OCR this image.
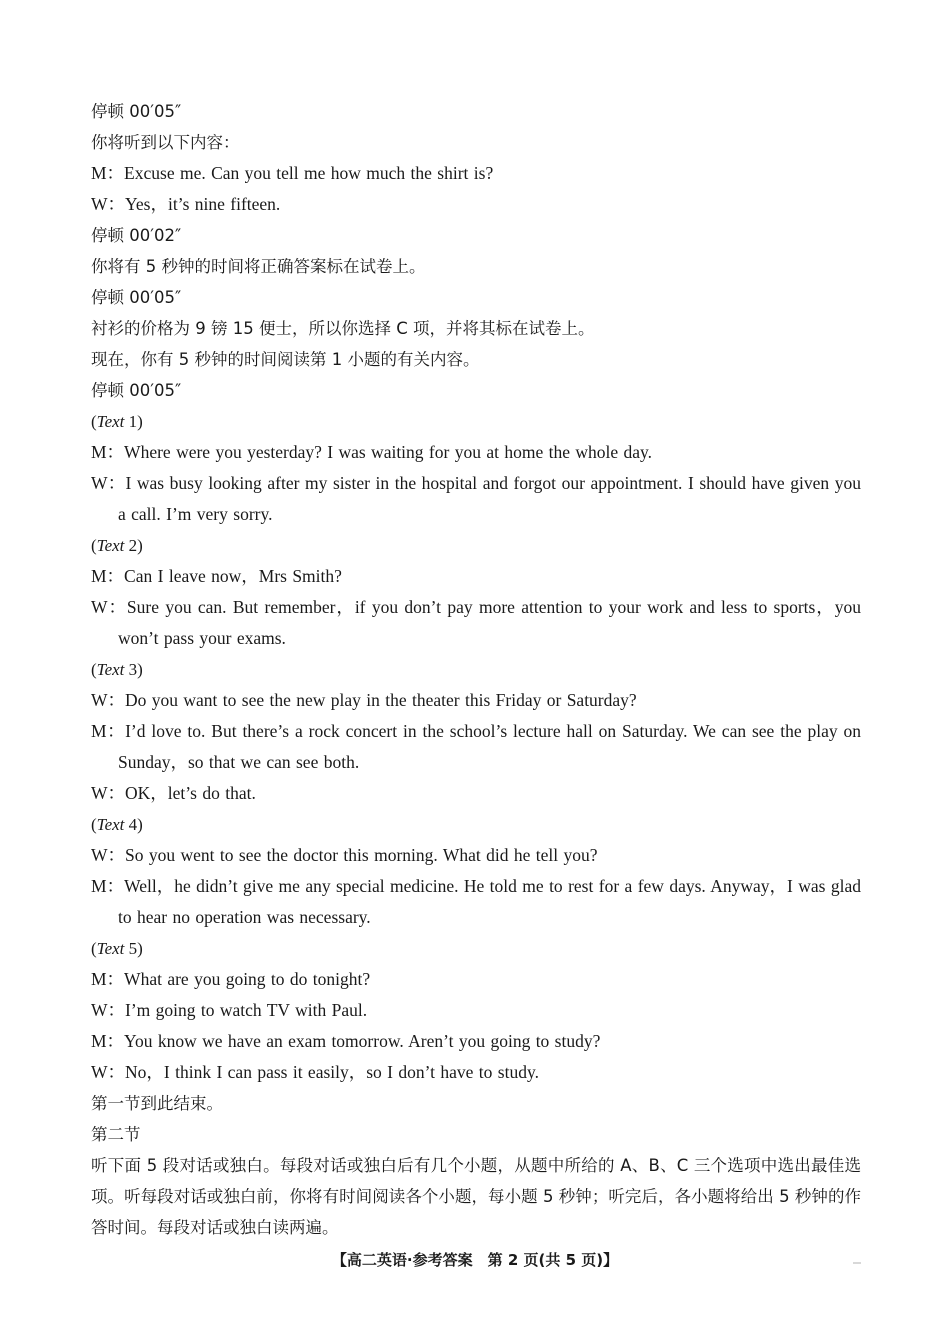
停顿 00′05″
你将听到以下内容：
M：Excuse me. Can you tell me how much the shirt is?
W：Yes，it’s nine fifteen.
停顿 00′02″
你将有 5 秒钟的时间将正确答案标在试卷上。
停顿 00′05″
衬衫的价格为 9 镑 15 便士，所以你选择 C 项，并将其标在试卷上。
现在，你有 5 秒钟的时间阅读第 1 小题的有关内容。
停顿 00′05″
(Text 1)
M：Where were you yesterday? I was waiting for you at home the whole day.
W：I was busy looking after my sister in the hospital and forgot our appointment. I should have given you a call. I’m very sorry.
(Text 2)
M：Can I leave now，Mrs Smith?
W：Sure you can. But remember，if you don’t pay more attention to your work and less to sports，you won’t pass your exams.
(Text 3)
W：Do you want to see the new play in the theater this Friday or Saturday?
M：I’d love to. But there’s a rock concert in the school’s lecture hall on Saturday. We can see the play on Sunday，so that we can see both.
W：OK，let’s do that.
(Text 4)
W：So you went to see the doctor this morning. What did he tell you?
M：Well，he didn’t give me any special medicine. He told me to rest for a few days. Anyway，I was glad to hear no operation was necessary.
(Text 5)
M：What are you going to do tonight?
W：I’m going to watch TV with Paul.
M：You know we have an exam tomorrow. Aren’t you going to study?
W：No，I think I can pass it easily，so I don’t have to study.
第一节到此结束。
第二节
听下面 5 段对话或独白。每段对话或独白后有几个小题，从题中所给的 A、B、C 三个选项中选出最佳选项。听每段对话或独白前，你将有时间阅读各个小题，每小题 5 秒钟；听完后，各小题将给出 5 秒钟的作答时间。每段对话或独白读两遍。
【高二英语·参考答案　第 2 页(共 5 页)】
